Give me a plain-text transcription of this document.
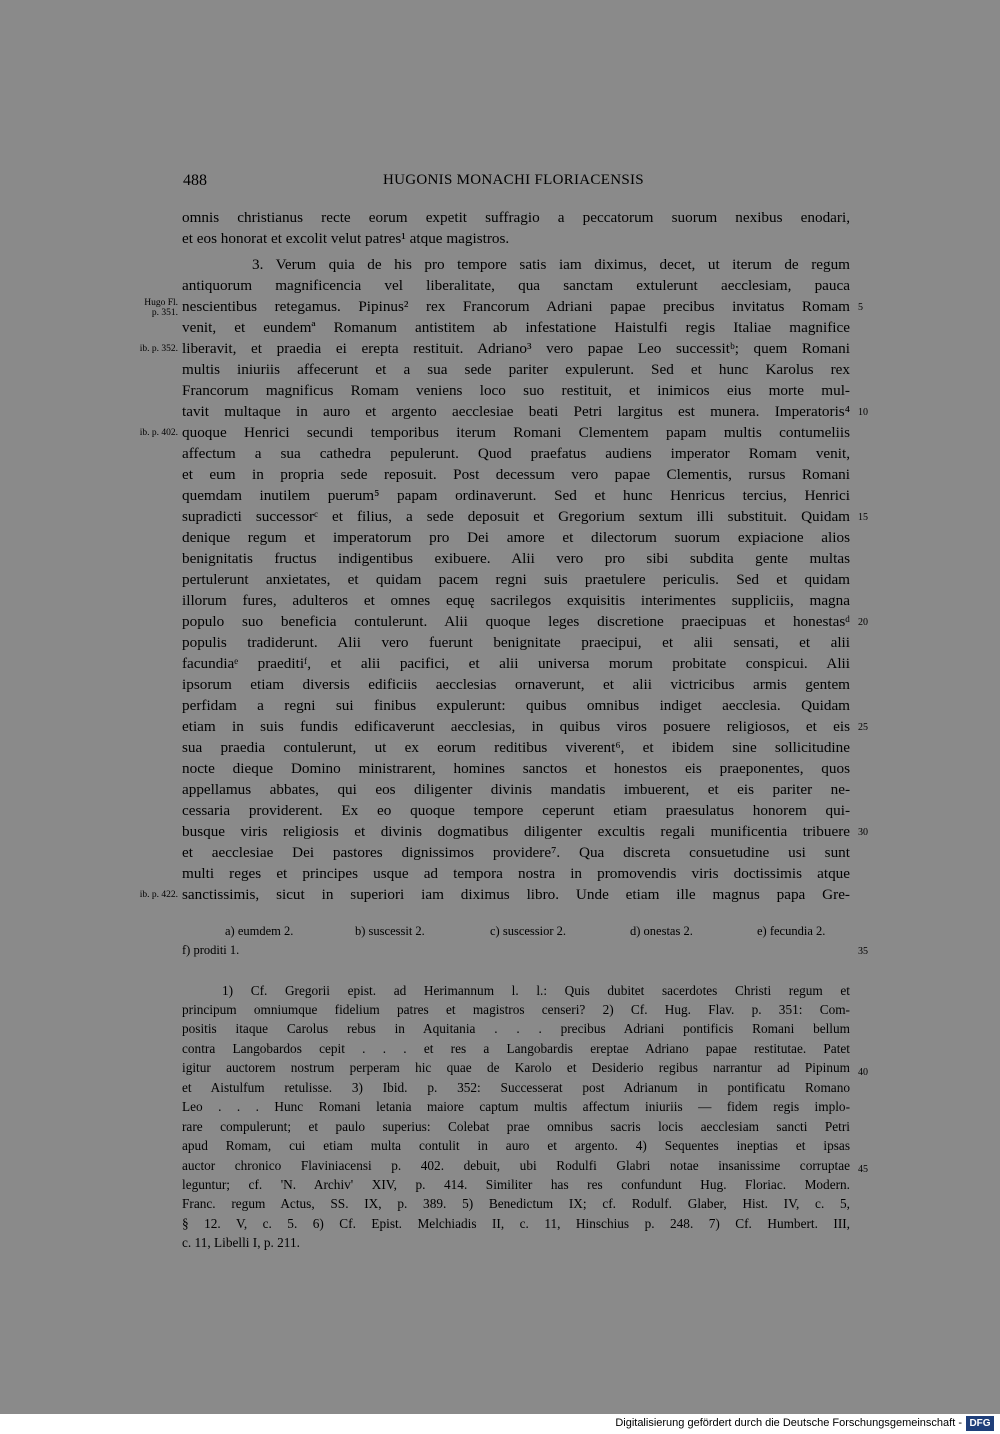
488	HUGONIS MONACHI FLORIACENSIS
omnis christianus recte eorum expetit suffragio a peccatorum suorum nexibus enodari,
et eos honorat et excolit velut patres¹ atque magistros.
3. Verum quia de his pro tempore satis iam diximus, decet, ut iterum de regum
antiquorum magnificencia vel liberalitate, qua sanctam extulerunt aecclesiam, pauca
nescientibus retegamus. Pipinus² rex Francorum Adriani papae precibus invitatus Romam
venit, et eundemª Romanum antistitem ab infestatione Haistulfi regis Italiae magnifice
liberavit, et praedia ei erepta restituit. Adriano³ vero papae Leo successitᵇ; quem Romani
multis iniuriis affecerunt et a sua sede pariter expulerunt. Sed et hunc Karolus rex
Francorum magnificus Romam veniens loco suo restituit, et inimicos eius morte mul-
tavit multaque in auro et argento aecclesiae beati Petri largitus est munera. Imperatoris⁴
quoque Henrici secundi temporibus iterum Romani Clementem papam multis contumeliis
affectum a sua cathedra pepulerunt. Quod praefatus audiens imperator Romam venit,
et eum in propria sede reposuit. Post decessum vero papae Clementis, rursus Romani
quemdam inutilem puerum⁵ papam ordinaverunt. Sed et hunc Henricus tercius, Henrici
supradicti successorᶜ et filius, a sede deposuit et Gregorium sextum illi substituit. Quidam
denique regum et imperatorum pro Dei amore et dilectorum suorum expiacione alios
benignitatis fructus indigentibus exibuere. Alii vero pro sibi subdita gente multas
pertulerunt anxietates, et quidam pacem regni suis praetulere periculis. Sed et quidam
illorum fures, adulteros et omnes equę sacrilegos exquisitis interimentes suppliciis, magna
populo suo beneficia contulerunt. Alii quoque leges discretione praecipuas et honestasᵈ
populis tradiderunt. Alii vero fuerunt benignitate praecipui, et alii sensati, et alii
facundiaᵉ praeditiᶠ, et alii pacifici, et alii universa morum probitate conspicui. Alii
ipsorum etiam diversis edificiis aecclesias ornaverunt, et alii victricibus armis gentem
perfidam a regni sui finibus expulerunt: quibus omnibus indiget aecclesia. Quidam
etiam in suis fundis edificaverunt aecclesias, in quibus viros posuere religiosos, et eis
sua praedia contulerunt, ut ex eorum reditibus viverent⁶, et ibidem sine sollicitudine
nocte dieque Domino ministrarent, homines sanctos et honestos eis praeponentes, quos
appellamus abbates, qui eos diligenter divinis mandatis imbuerent, et eis pariter ne-
cessaria providerent. Ex eo quoque tempore ceperunt etiam praesulatus honorem qui-
busque viris religiosis et divinis dogmatibus diligenter excultis regali munificentia tribuere
et aecclesiae Dei pastores dignissimos providere⁷. Qua discreta consuetudine usi sunt
multi reges et principes usque ad tempora nostra in promovendis viris doctissimis atque
sanctissimis, sicut in superiori iam diximus libro. Unde etiam ille magnus papa Gre-
5
10
15
20
25
30
35
40
45
Hugo Fl.
p. 351.
ib. p. 352.
ib. p. 402.
ib. p. 422.
a) eumdem 2.	b) suscessit 2.	c) suscessior 2.	d) onestas 2.	e) fecundia 2.
f) proditi 1.
1) Cf. Gregorii epist. ad Herimannum l. l.: Quis dubitet sacerdotes Christi regum et
principum omniumque fidelium patres et magistros censeri? 2) Cf. Hug. Flav. p. 351: Com-
positis itaque Carolus rebus in Aquitania . . . precibus Adriani pontificis Romani bellum
contra Langobardos cepit . . . et res a Langobardis ereptae Adriano papae restitutae. Patet
igitur auctorem nostrum perperam hic quae de Karolo et Desiderio regibus narrantur ad Pipinum
et Aistulfum retulisse. 3) Ibid. p. 352: Successerat post Adrianum in pontificatu Romano
Leo . . . Hunc Romani letania maiore captum multis affectum iniuriis — fidem regis implo-
rare compulerunt; et paulo superius: Colebat prae omnibus sacris locis aecclesiam sancti Petri
apud Romam, cui etiam multa contulit in auro et argento. 4) Sequentes ineptias et ipsas
auctor chronico Flaviniacensi p. 402. debuit, ubi Rodulfi Glabri notae insanissime corruptae
leguntur; cf. 'N. Archiv' XIV, p. 414. Similiter has res confundunt Hug. Floriac. Modern.
Franc. regum Actus, SS. IX, p. 389. 5) Benedictum IX; cf. Rodulf. Glaber, Hist. IV, c. 5,
§ 12. V, c. 5. 6) Cf. Epist. Melchiadis II, c. 11, Hinschius p. 248. 7) Cf. Humbert. III,
c. 11, Libelli I, p. 211.
Digitalisierung gefördert durch die Deutsche Forschungsgemeinschaft - DFG
